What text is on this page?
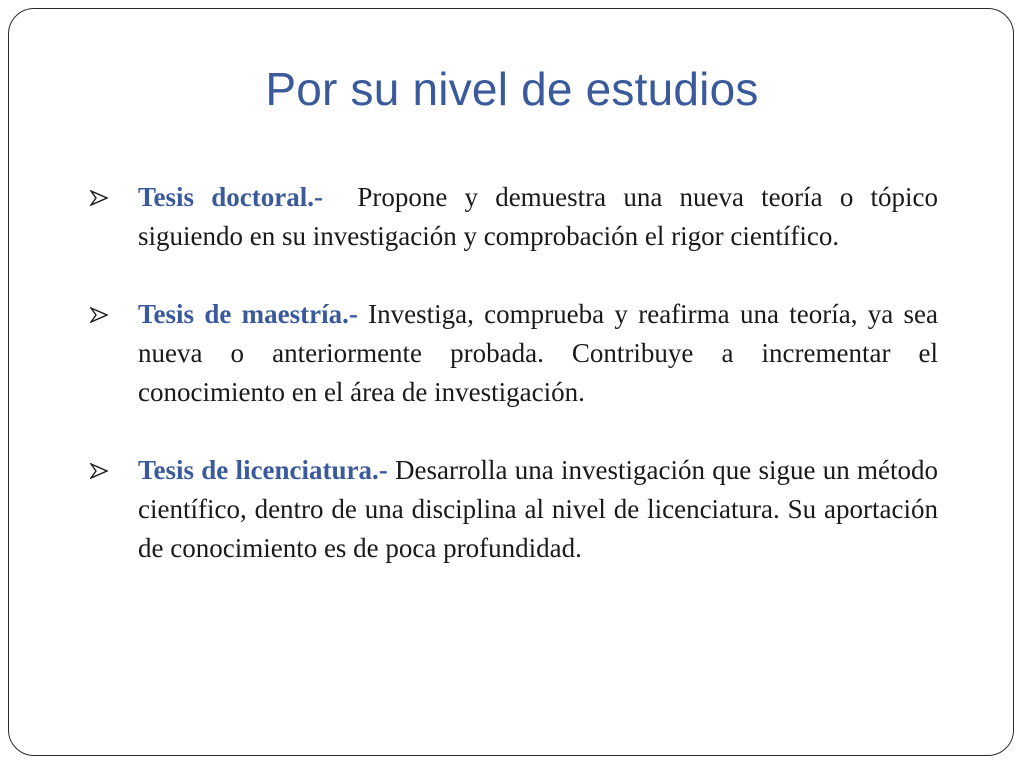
Por su nivel de estudios
Tesis doctoral.- Propone y demuestra una nueva teoría o tópico siguiendo en su investigación y comprobación el rigor científico.
Tesis de maestría.- Investiga, comprueba y reafirma una teoría, ya sea nueva o anteriormente probada. Contribuye a incrementar el conocimiento en el área de investigación.
Tesis de licenciatura.- Desarrolla una investigación que sigue un método científico, dentro de una disciplina al nivel de licenciatura. Su aportación de conocimiento es de poca profundidad.
